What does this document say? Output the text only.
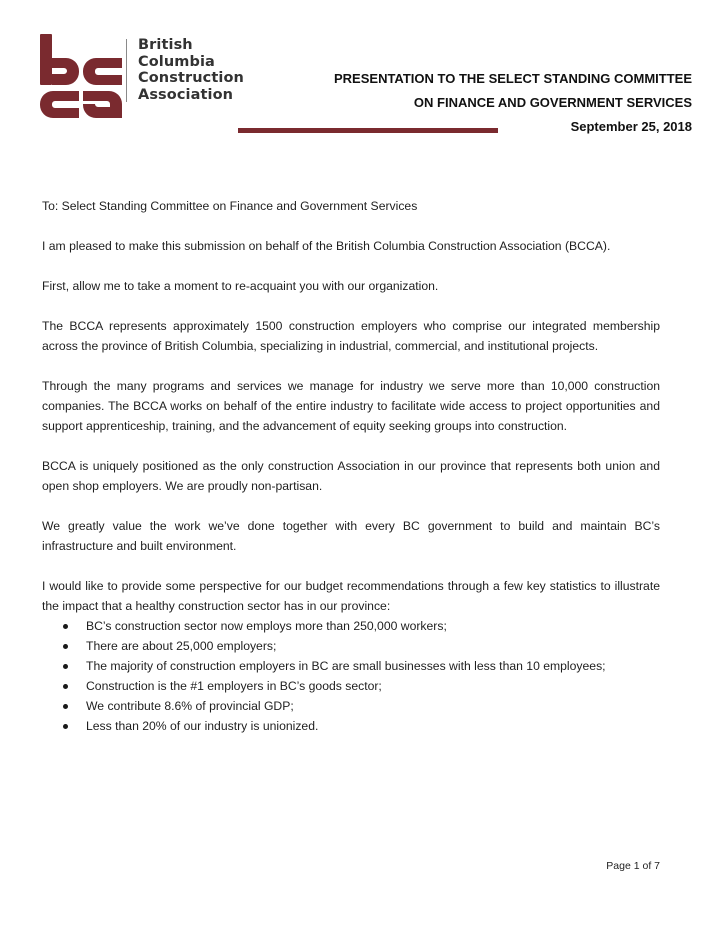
British
Columbia
Construction
Association
PRESENTATION TO THE SELECT STANDING COMMITTEE
ON FINANCE AND GOVERNMENT SERVICES
September 25, 2018

To: Select Standing Committee on Finance and Government Services

I am pleased to make this submission on behalf of the British Columbia Construction Association (BCCA).

First, allow me to take a moment to re-acquaint you with our organization.

The BCCA represents approximately 1500 construction employers who comprise our integrated membership across the province of British Columbia, specializing in industrial, commercial, and institutional projects.

Through the many programs and services we manage for industry we serve more than 10,000 construction companies. The BCCA works on behalf of the entire industry to facilitate wide access to project opportunities and support apprenticeship, training, and the advancement of equity seeking groups into construction.

BCCA is uniquely positioned as the only construction Association in our province that represents both union and open shop employers. We are proudly non-partisan.

We greatly value the work we’ve done together with every BC government to build and maintain BC’s infrastructure and built environment.

I would like to provide some perspective for our budget recommendations through a few key statistics to illustrate the impact that a healthy construction sector has in our province:

BC’s construction sector now employs more than 250,000 workers;
There are about 25,000 employers;
The majority of construction employers in BC are small businesses with less than 10 employees;
Construction is the #1 employers in BC’s goods sector;
We contribute 8.6% of provincial GDP;
Less than 20% of our industry is unionized.
Page 1 of 7
